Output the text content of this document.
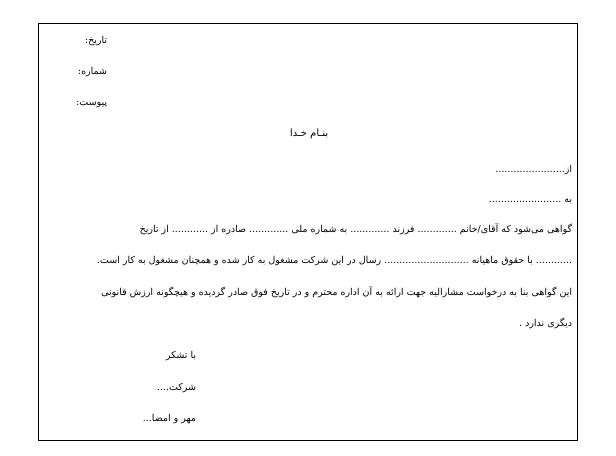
تاریخ:
شماره:
پیوست:
بنـام خـدا
از.......................
به ........................
گواهی می‌شود که آقای/خانم ............. فرزند ............. به شماره ملی ............. صادره از ............ از تاریخ
............ با حقوق ماهیانه ............................ رسال در این شرکت مشغول به کار شده و همچنان مشغول به کار است.
این گواهی بنا به درخواست مشارالیه جهت ارائه به آن اداره محترم و در تاریخ فوق صادر گردیده و هیچگونه ارزش قانونی
دیگری ندارد .
با تشکر
شرکت....
مهر و امضا...
